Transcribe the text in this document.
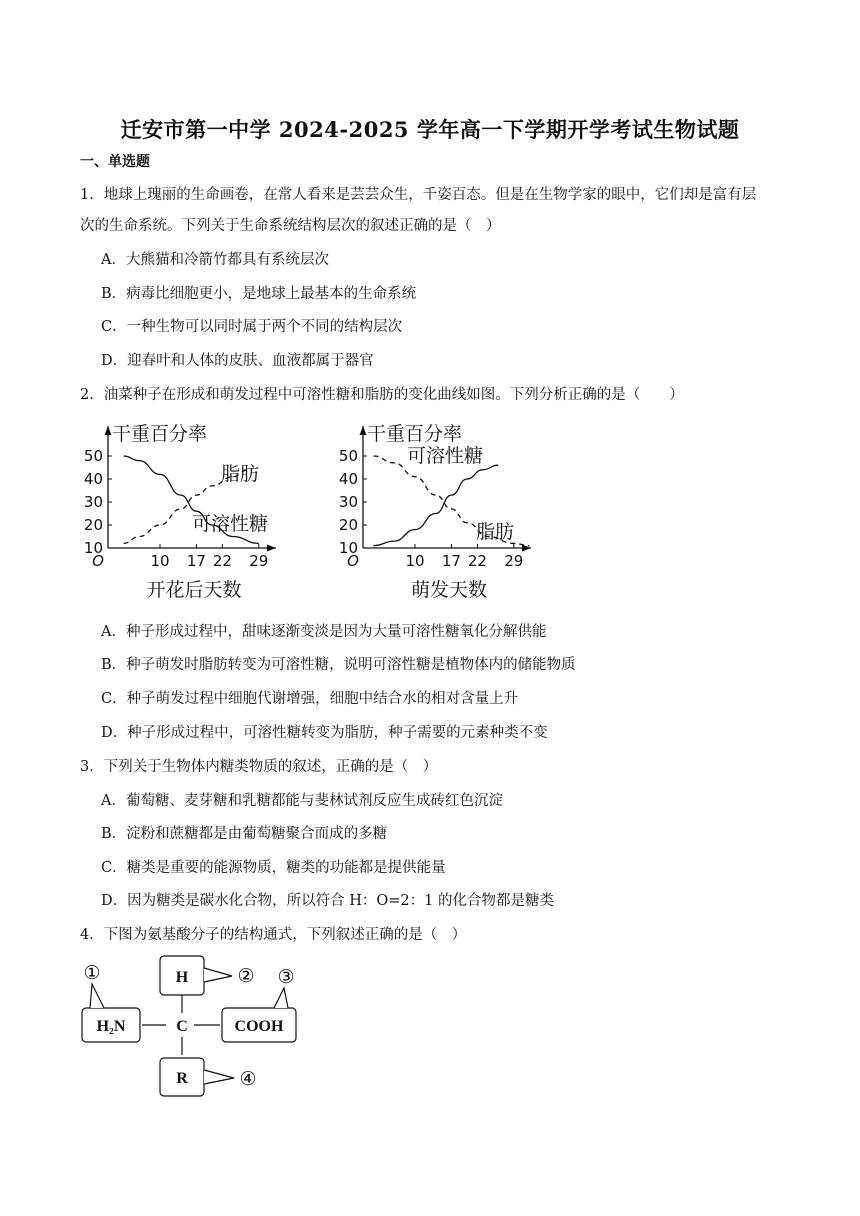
迁安市第一中学 2024-2025 学年高一下学期开学考试生物试题
一、单选题
1．地球上瑰丽的生命画卷，在常人看来是芸芸众生，千姿百态。但是在生物学家的眼中，它们却是富有层
次的生命系统。下列关于生命系统结构层次的叙述正确的是（　）
A．大熊猫和冷箭竹都具有系统层次
B．病毒比细胞更小，是地球上最基本的生命系统
C．一种生物可以同时属于两个不同的结构层次
D．迎春叶和人体的皮肤、血液都属于器官
2．油菜种子在形成和萌发过程中可溶性糖和脂肪的变化曲线如图。下列分析正确的是（　　）
干重百分率
O
10
20
30
40
50
10 17 22 29
开花后天数
脂肪
可溶性糖
干重百分率
O
10
20
30
40
50
10 17 22 29
萌发天数
可溶性糖
脂肪
A．种子形成过程中，甜味逐渐变淡是因为大量可溶性糖氧化分解供能
B．种子萌发时脂肪转变为可溶性糖，说明可溶性糖是植物体内的储能物质
C．种子萌发过程中细胞代谢增强，细胞中结合水的相对含量上升
D．种子形成过程中，可溶性糖转变为脂肪，种子需要的元素种类不变
3．下列关于生物体内糖类物质的叙述，正确的是（　）
A．葡萄糖、麦芽糖和乳糖都能与斐林试剂反应生成砖红色沉淀
B．淀粉和蔗糖都是由葡萄糖聚合而成的多糖
C．糖类是重要的能源物质，糖类的功能都是提供能量
D．因为糖类是碳水化合物，所以符合 H：O=2：1 的化合物都是糖类
4．下图为氨基酸分子的结构通式，下列叙述正确的是（　）
C
H	②
H₂N
①
COOH
③
R	④
